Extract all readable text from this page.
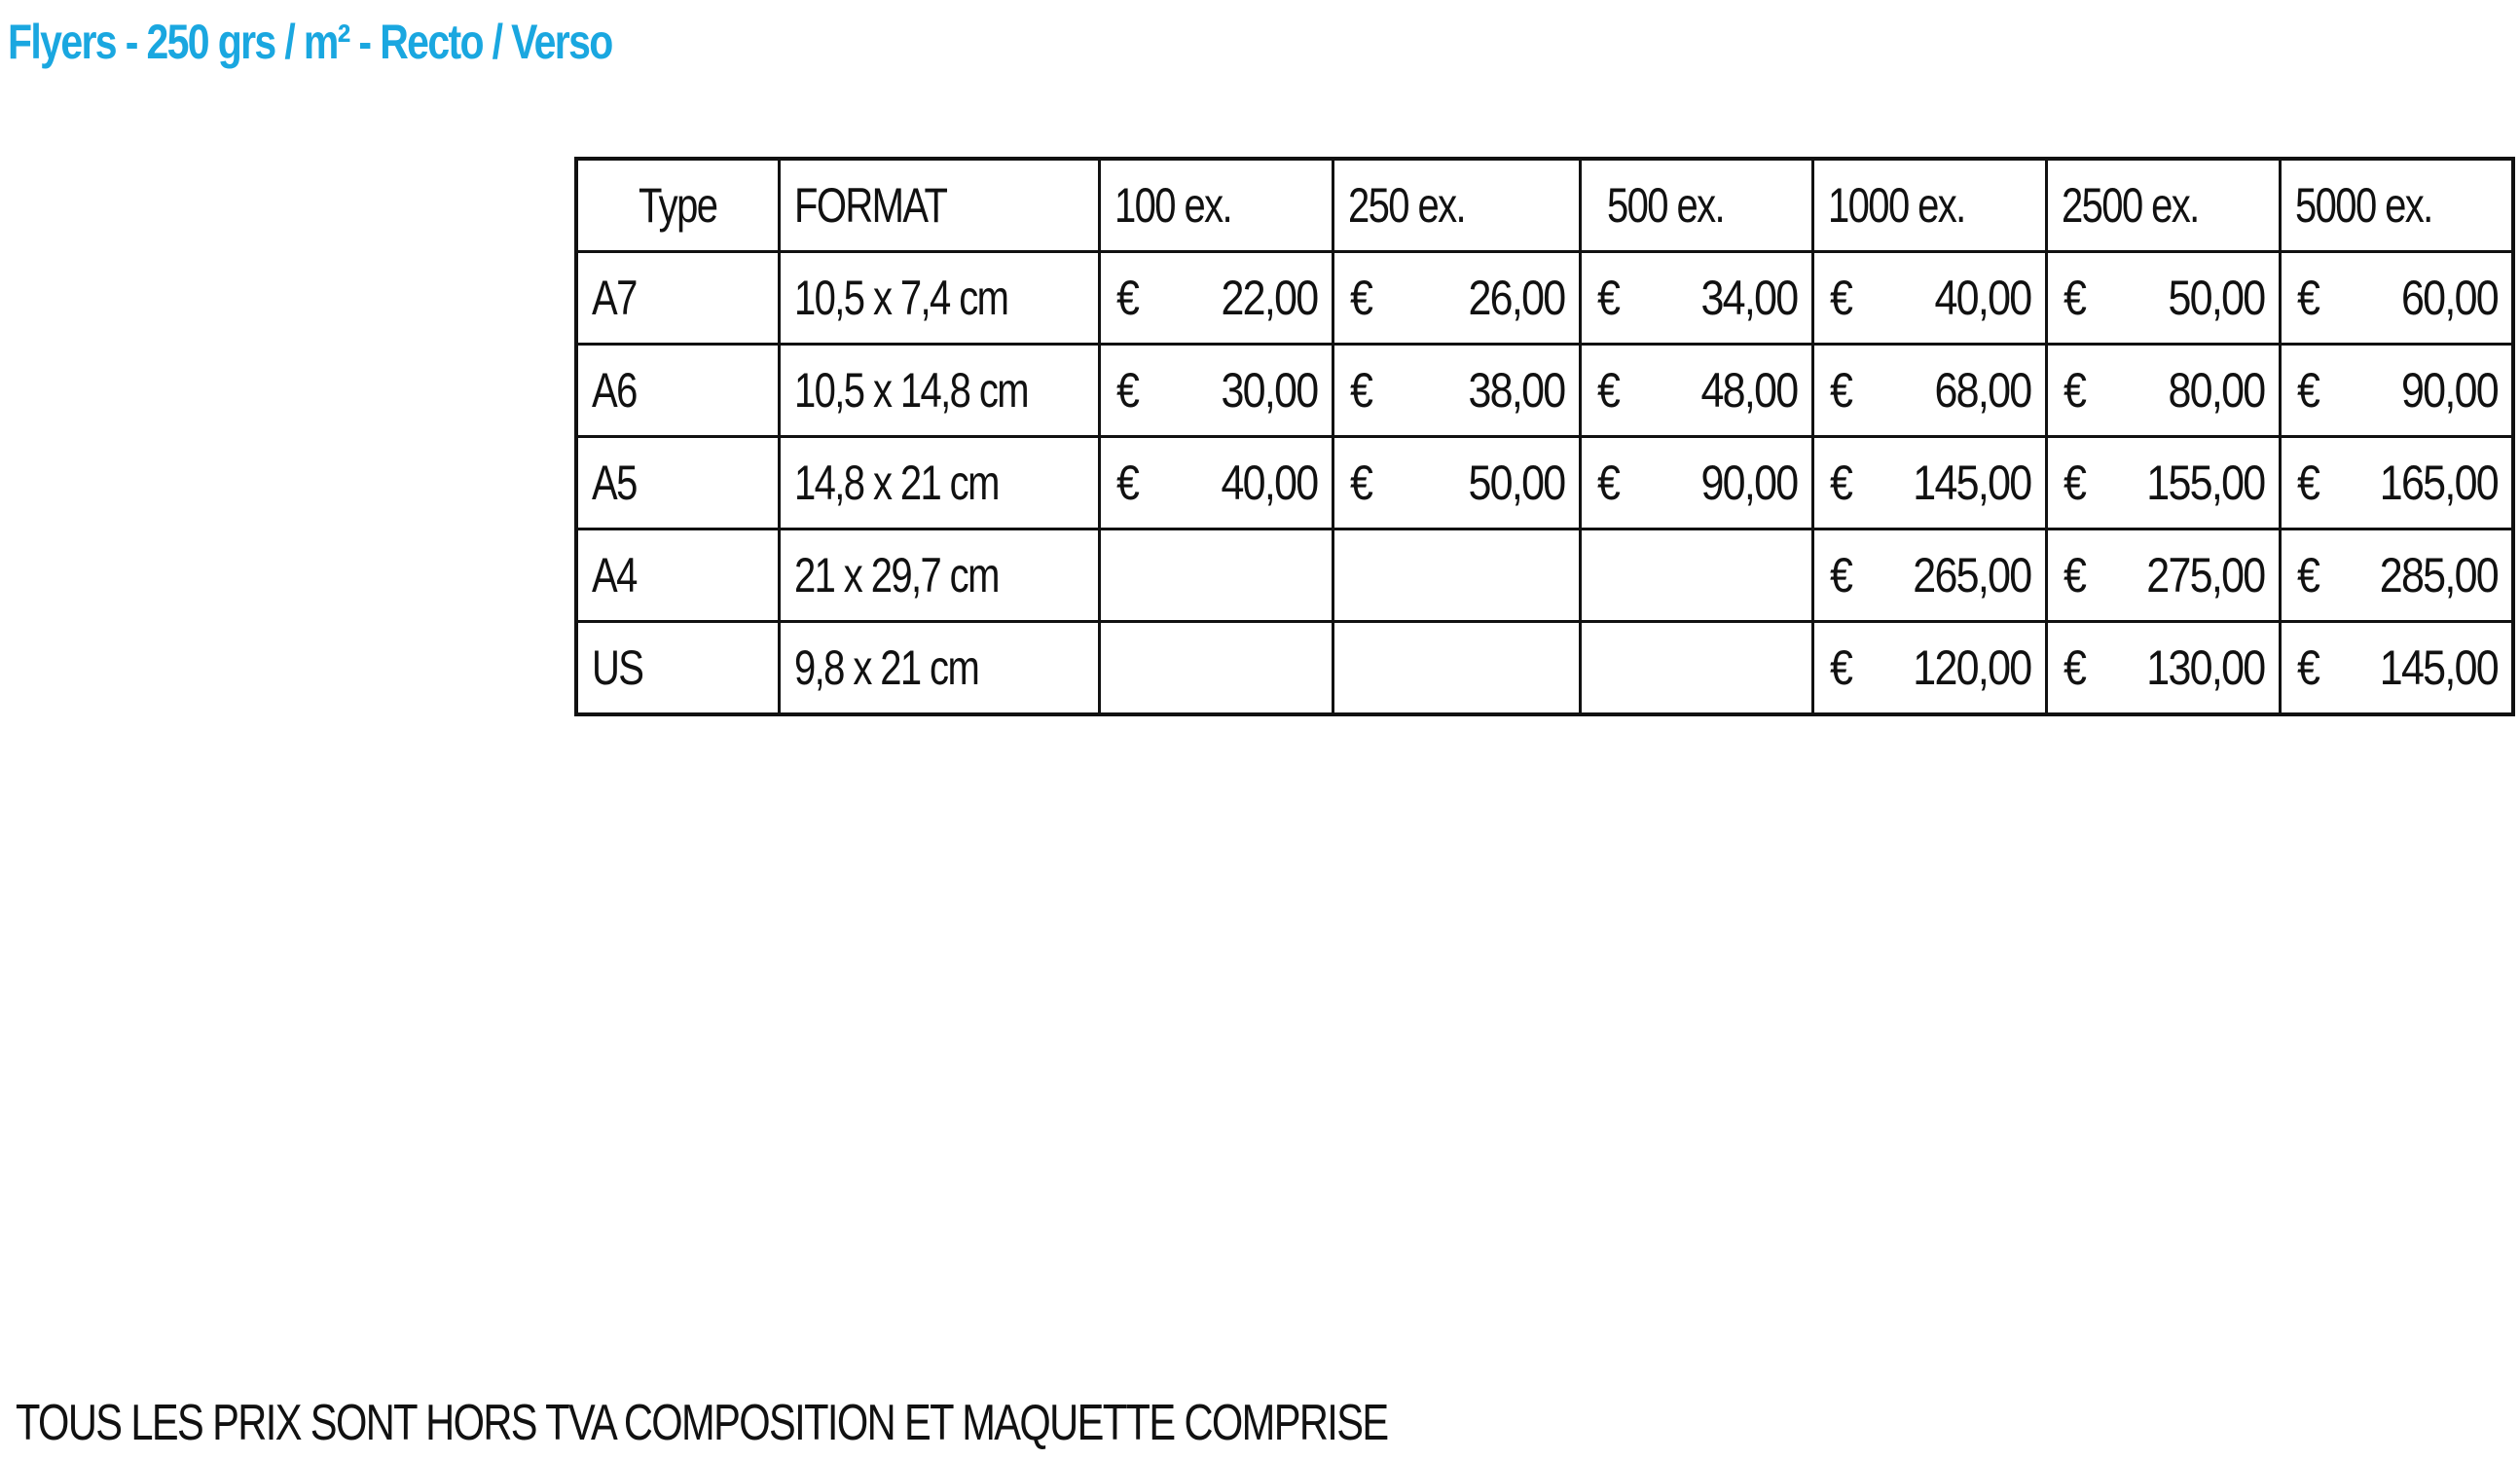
Flyers - 250 grs / m² - Recto / Verso
Type	FORMAT	100 ex.	250 ex.	500 ex.	1000 ex.	2500 ex.	5000 ex.
A7	10,5 x 7,4 cm	€ 22,00	€ 26,00	€ 34,00	€ 40,00	€ 50,00	€ 60,00

A6	10,5 x 14,8 cm	€ 30,00	€ 38,00	€ 48,00	€ 68,00	€ 80,00	€ 90,00

A5	14,8 x 21 cm	€ 40,00	€ 50,00	€ 90,00	€ 145,00	€ 155,00	€ 165,00

A4	21 x 29,7 cm				€ 265,00	€ 275,00	€ 285,00

US	9,8 x 21 cm				€ 120,00	€ 130,00	€ 145,00
TOUS LES PRIX SONT HORS TVA COMPOSITION ET MAQUETTE COMPRISE
